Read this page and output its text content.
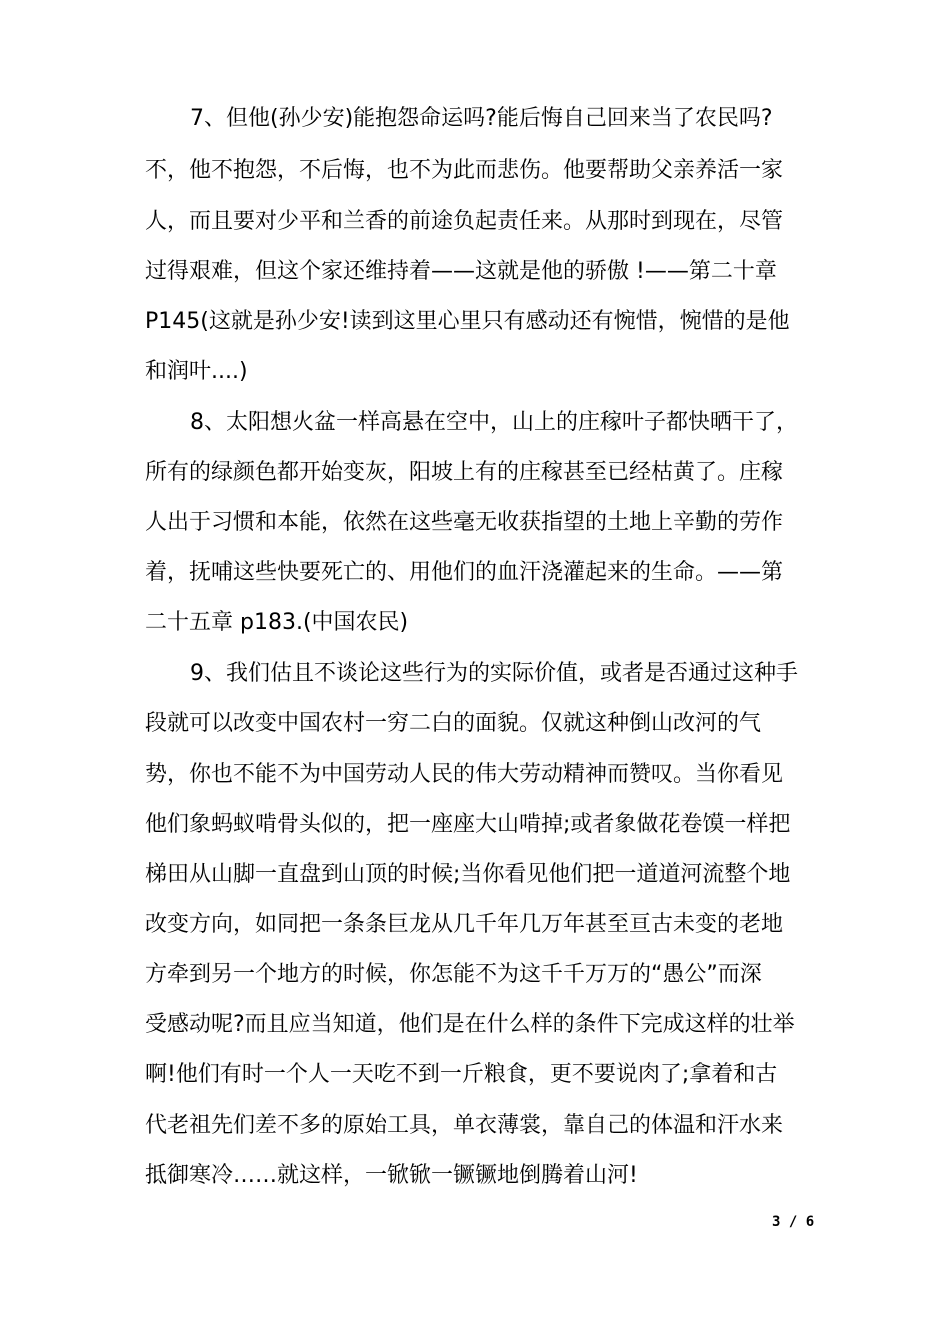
7、但他(孙少安)能抱怨命运吗?能后悔自己回来当了农民吗?
不，他不抱怨，不后悔，也不为此而悲伤。他要帮助父亲养活一家
人，而且要对少平和兰香的前途负起责任来。从那时到现在，尽管
过得艰难，但这个家还维持着——这就是他的骄傲 !——第二十章
P145(这就是孙少安!读到这里心里只有感动还有惋惜，惋惜的是他
和润叶....)
8、太阳想火盆一样高悬在空中，山上的庄稼叶子都快晒干了，
所有的绿颜色都开始变灰，阳坡上有的庄稼甚至已经枯黄了。庄稼
人出于习惯和本能，依然在这些毫无收获指望的土地上辛勤的劳作
着，抚哺这些快要死亡的、用他们的血汗浇灌起来的生命。——第
二十五章 p183.(中国农民)
9、我们估且不谈论这些行为的实际价值，或者是否通过这种手
段就可以改变中国农村一穷二白的面貌。仅就这种倒山改河的气
势，你也不能不为中国劳动人民的伟大劳动精神而赞叹。当你看见
他们象蚂蚁啃骨头似的，把一座座大山啃掉;或者象做花卷馍一样把
梯田从山脚一直盘到山顶的时候;当你看见他们把一道道河流整个地
改变方向，如同把一条条巨龙从几千年几万年甚至亘古未变的老地
方牵到另一个地方的时候，你怎能不为这千千万万的“愚公”而深
受感动呢?而且应当知道，他们是在什么样的条件下完成这样的壮举
啊!他们有时一个人一天吃不到一斤粮食，更不要说肉了;拿着和古
代老祖先们差不多的原始工具，单衣薄裳，靠自己的体温和汗水来
抵御寒冷……就这样，一锨锨一镢镢地倒腾着山河!
3 / 6
